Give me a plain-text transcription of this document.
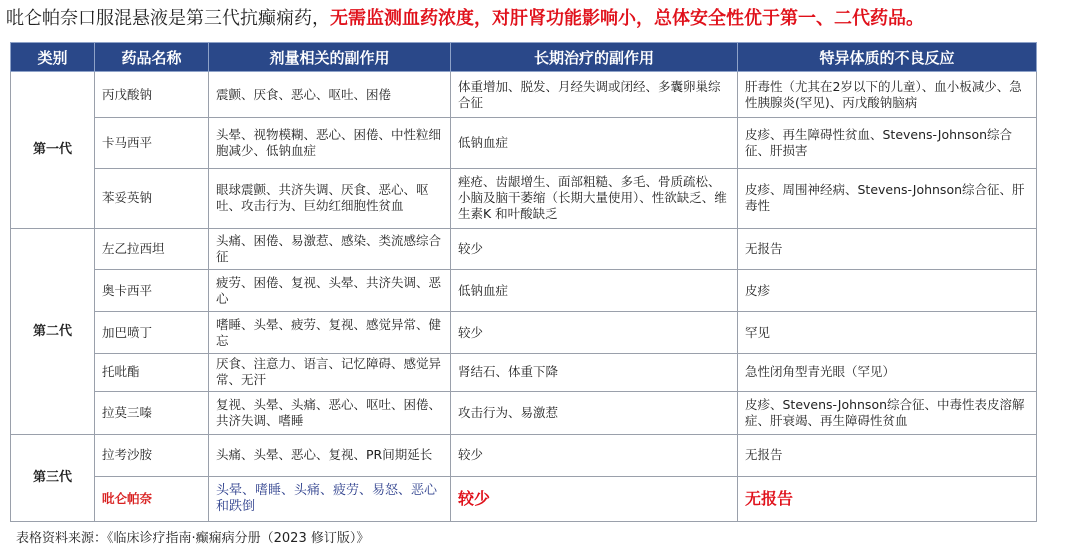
吡仑帕奈口服混悬液是第三代抗癫痫药，无需监测血药浓度，对肝肾功能影响小，总体安全性优于第一、二代药品。
类别	药品名称	剂量相关的副作用	长期治疗的副作用	特异体质的不良反应
第一代	丙戊酸钠	震颤、厌食、恶心、呕吐、困倦	体重增加、脱发、月经失调或闭经、多囊卵巢综合征	肝毒性（尤其在2岁以下的儿童）、血小板减少、急性胰腺炎(罕见)、丙戊酸钠脑病
	卡马西平	头晕、视物模糊、恶心、困倦、中性粒细胞减少、低钠血症	低钠血症	皮疹、再生障碍性贫血、Stevens-Johnson综合征、肝损害
	苯妥英钠	眼球震颤、共济失调、厌食、恶心、呕吐、攻击行为、巨幼红细胞性贫血	痤疮、齿龈增生、面部粗糙、多毛、骨质疏松、小脑及脑干萎缩（长期大量使用）、性欲缺乏、维生素K 和叶酸缺乏	皮疹、周围神经病、Stevens-Johnson综合征、肝毒性
第二代	左乙拉西坦	头痛、困倦、易激惹、感染、类流感综合征	较少	无报告
	奥卡西平	疲劳、困倦、复视、头晕、共济失调、恶心	低钠血症	皮疹
	加巴喷丁	嗜睡、头晕、疲劳、复视、感觉异常、健忘	较少	罕见
	托吡酯	厌食、注意力、语言、记忆障碍、感觉异常、无汗	肾结石、体重下降	急性闭角型青光眼（罕见）
	拉莫三嗪	复视、头晕、头痛、恶心、呕吐、困倦、共济失调、嗜睡	攻击行为、易激惹	皮疹、Stevens-Johnson综合征、中毒性表皮溶解症、肝衰竭、再生障碍性贫血
第三代	拉考沙胺	头痛、头晕、恶心、复视、PR间期延长	较少	无报告
	吡仑帕奈	头晕、嗜睡、头痛、疲劳、易怒、恶心和跌倒	较少	无报告
表格资料来源：《临床诊疗指南·癫痫病分册（2023 修订版）》
